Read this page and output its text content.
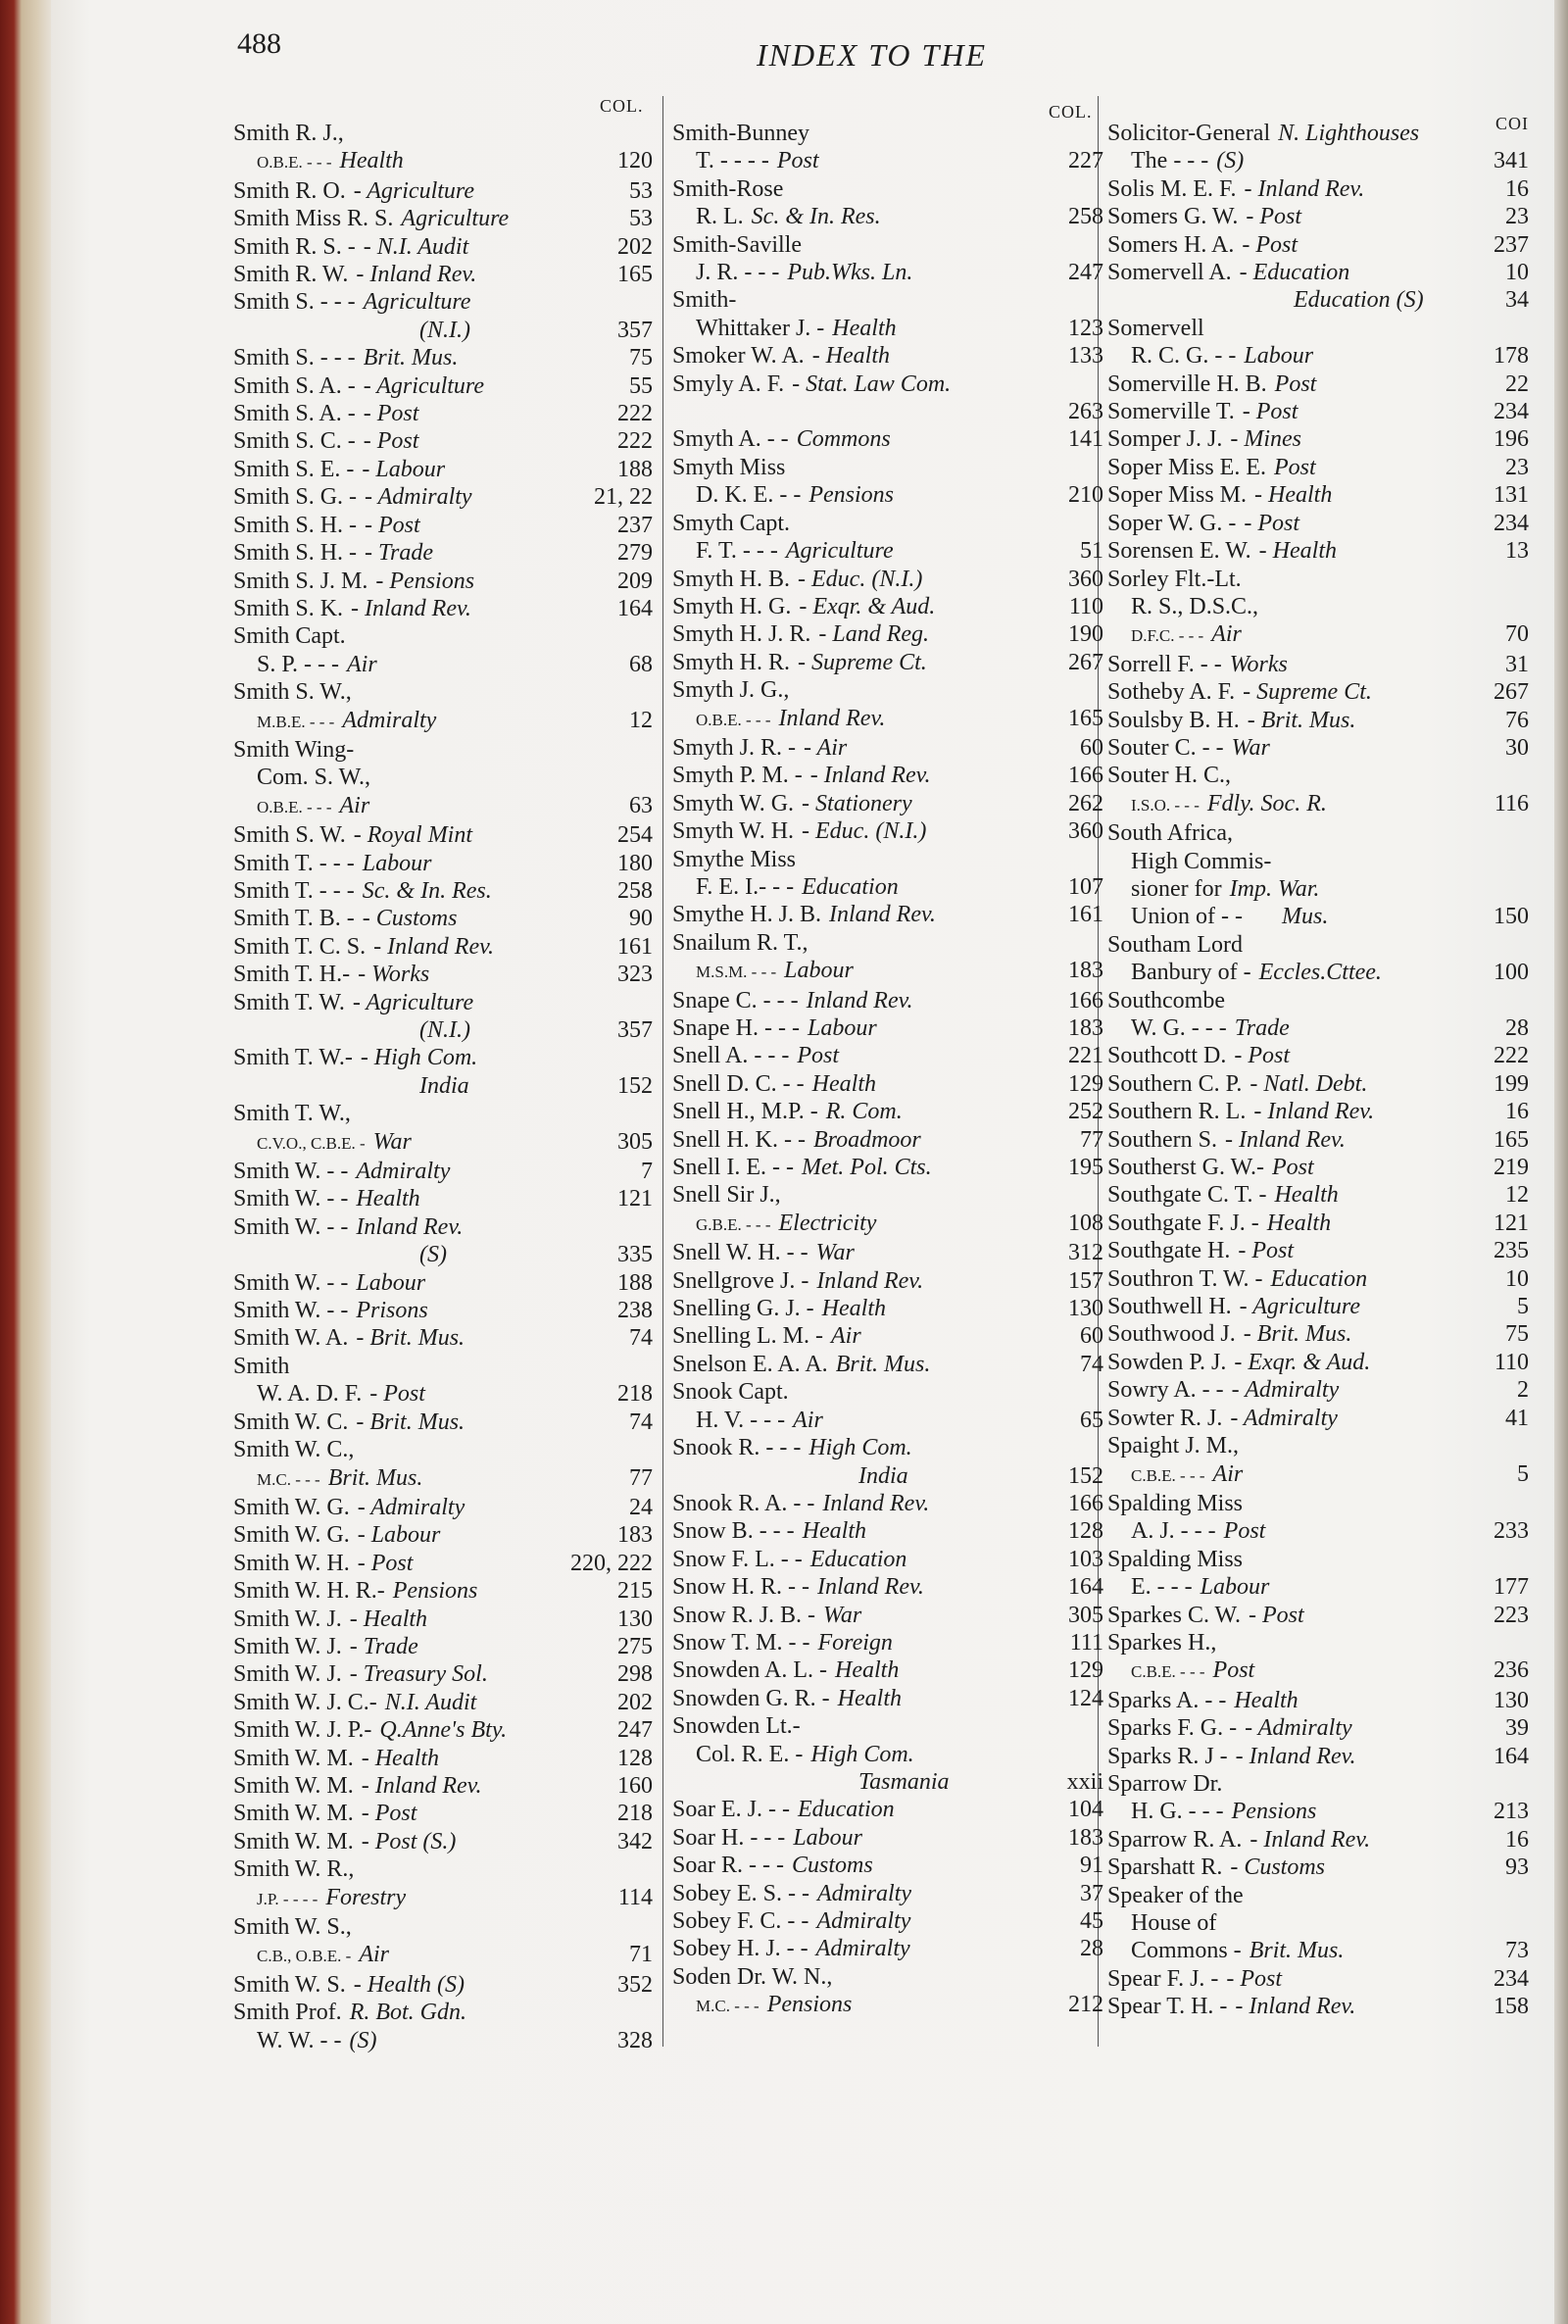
488	INDEX TO THE
COL.	COL.
COI
Smith R. J.,
O.B.E. - - - Health	120
Smith R. O. - Agriculture	53
Smith Miss R. S. Agriculture	53
Smith R. S. - - N.I. Audit	202
Smith R. W. - Inland Rev.	165
Smith S. - - - Agriculture
(N.I.)	357
Smith S. - - - Brit. Mus.	75
Smith S. A. - - Agriculture	55
Smith S. A. - - Post	222
Smith S. C. - - Post	222
Smith S. E. - - Labour	188
Smith S. G. - - Admiralty	21, 22
Smith S. H. - - Post	237
Smith S. H. - - Trade	279
Smith S. J. M. - Pensions	209
Smith S. K. - Inland Rev.	164
Smith Capt.
S. P. - - - Air	68
Smith S. W.,
M.B.E. - - - Admiralty	12
Smith Wing-
Com. S. W.,
O.B.E. - - - Air	63
Smith S. W. - Royal Mint	254
Smith T. - - - Labour	180
Smith T. - - - Sc. & In. Res.	258
Smith T. B. - - Customs	90
Smith T. C. S. - Inland Rev.	161
Smith T. H.- - Works	323
Smith T. W. - Agriculture
(N.I.)	357
Smith T. W.- - High Com.
India	152
Smith T. W.,
C.V.O., C.B.E. - War	305
Smith W. - - Admiralty	7
Smith W. - - Health	121
Smith W. - - Inland Rev.
(S)	335
Smith W. - - Labour	188
Smith W. - - Prisons	238
Smith W. A. - Brit. Mus.	74
Smith
W. A. D. F. - Post	218
Smith W. C. - Brit. Mus.	74
Smith W. C.,
M.C. - - - Brit. Mus.	77
Smith W. G. - Admiralty	24
Smith W. G. - Labour	183
Smith W. H. - Post	220, 222
Smith W. H. R.- Pensions	215
Smith W. J. - Health	130
Smith W. J. - Trade	275
Smith W. J. - Treasury Sol.	298
Smith W. J. C.- N.I. Audit	202
Smith W. J. P.- Q.Anne's Bty.	247
Smith W. M. - Health	128
Smith W. M. - Inland Rev.	160
Smith W. M. - Post	218
Smith W. M. - Post (S.)	342
Smith W. R.,
J.P. - - - - Forestry	114
Smith W. S.,
C.B., O.B.E. - Air	71
Smith W. S. - Health (S)	352
Smith Prof. R. Bot. Gdn.
W. W. - - (S)	328
Smith-Bunney
T. - - - - Post	227
Smith-Rose
R. L. Sc. & In. Res.	258
Smith-Saville
J. R. - - - Pub.Wks. Ln.	247
Smith-
Whittaker J. - Health	123
Smoker W. A. - Health	133
Smyly A. F. - Stat. Law Com.
263
Smyth A. - - Commons	141
Smyth Miss
D. K. E. - - Pensions	210
Smyth Capt.
F. T. - - - Agriculture	51
Smyth H. B. - Educ. (N.I.)	360
Smyth H. G. - Exqr. & Aud.	110
Smyth H. J. R. - Land Reg.	190
Smyth H. R. - Supreme Ct.	267
Smyth J. G.,
O.B.E. - - - Inland Rev.	165
Smyth J. R. - - Air	60
Smyth P. M. - - Inland Rev.	166
Smyth W. G. - Stationery	262
Smyth W. H. - Educ. (N.I.)	360
Smythe Miss
F. E. I.- - - Education	107
Smythe H. J. B. Inland Rev.	161
Snailum R. T.,
M.S.M. - - - Labour	183
Snape C. - - - Inland Rev.	166
Snape H. - - - Labour	183
Snell A. - - - Post	221
Snell D. C. - - Health	129
Snell H., M.P. - R. Com.	252
Snell H. K. - - Broadmoor	77
Snell I. E. - - Met. Pol. Cts.	195
Snell Sir J.,
G.B.E. - - - Electricity	108
Snell W. H. - - War	312
Snellgrove J. - Inland Rev.	157
Snelling G. J. - Health	130
Snelling L. M. - Air	60
Snelson E. A. A. Brit. Mus.	74
Snook Capt.
H. V. - - - Air	65
Snook R. - - - High Com.
India	152
Snook R. A. - - Inland Rev.	166
Snow B. - - - Health	128
Snow F. L. - - Education	103
Snow H. R. - - Inland Rev.	164
Snow R. J. B. - War	305
Snow T. M. - - Foreign	111
Snowden A. L. - Health	129
Snowden G. R. - Health	124
Snowden Lt.-
Col. R. E. - High Com.
Tasmania	xxii
Soar E. J. - - Education	104
Soar H. - - - Labour	183
Soar R. - - - Customs	91
Sobey E. S. - - Admiralty	37
Sobey F. C. - - Admiralty	45
Sobey H. J. - - Admiralty	28
Soden Dr. W. N.,
M.C. - - - Pensions	212
Solicitor-General N. Lighthouses
The - - - (S)	341
Solis M. E. F. - Inland Rev.	16
Somers G. W. - Post	23
Somers H. A. - Post	237
Somervell A. - Education	10
Education (S)	34
Somervell
R. C. G. - - Labour	178
Somerville H. B. Post	22
Somerville T. - Post	234
Somper J. J. - Mines	196
Soper Miss E. E. Post	23
Soper Miss M. - Health	131
Soper W. G. - - Post	234
Sorensen E. W. - Health	13
Sorley Flt.-Lt.
R. S., D.S.C.,
D.F.C. - - - Air	70
Sorrell F. - - Works	31
Sotheby A. F. - Supreme Ct.	267
Soulsby B. H. - Brit. Mus.	76
Souter C. - - War	30
Souter H. C.,
I.S.O. - - - Fdly. Soc. R.	116
South Africa,
High Commis-
sioner for Imp. War.
Union of - -	Mus.	150
Southam Lord
Banbury of - Eccles.Cttee.	100
Southcombe
W. G. - - - Trade	28
Southcott D. - Post	222
Southern C. P. - Natl. Debt.	199
Southern R. L. - Inland Rev.	16
Southern S. - Inland Rev.	165
Southerst G. W.- Post	219
Southgate C. T. - Health	12
Southgate F. J. - Health	121
Southgate H. - Post	235
Southron T. W. - Education	10
Southwell H. - Agriculture	5
Southwood J. - Brit. Mus.	75
Sowden P. J. - Exqr. & Aud.	110
Sowry A. - - - Admiralty	2
Sowter R. J. - Admiralty	41
Spaight J. M.,
C.B.E. - - - Air	5
Spalding Miss
A. J. - - - Post	233
Spalding Miss
E. - - - Labour	177
Sparkes C. W. - Post	223
Sparkes H.,
C.B.E. - - - Post	236
Sparks A. - - Health	130
Sparks F. G. - - Admiralty	39
Sparks R. J - - Inland Rev.	164
Sparrow Dr.
H. G. - - - Pensions	213
Sparrow R. A. - Inland Rev.	16
Sparshatt R. - Customs	93
Speaker of the
House of
Commons - Brit. Mus.	73
Spear F. J. - - Post	234
Spear T. H. - - Inland Rev.	158
